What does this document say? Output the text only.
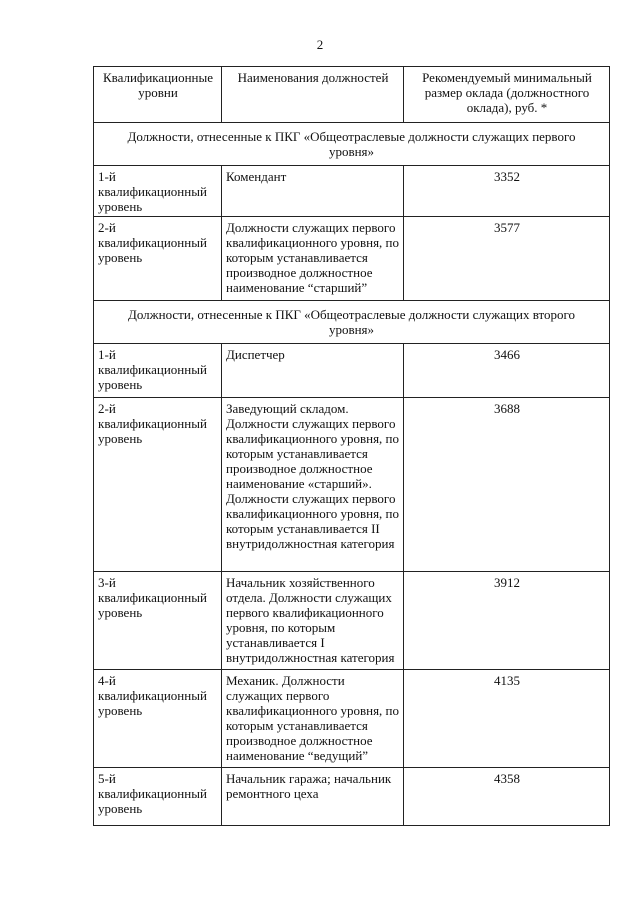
2
Квалификационные уровни	Наименования должностей	Рекомендуемый минимальный размер оклада (должностного оклада), руб. *
Должности, отнесенные к ПКГ «Общеотраслевые должности служащих первого уровня»		
1-й квалификационный уровень	Комендант	3352
2-й квалификационный уровень	Должности служащих первого квалификационного уровня, по которым устанавливается производное должностное наименование “старший”	3577
Должности, отнесенные к ПКГ «Общеотраслевые должности служащих второго уровня»		
1-й квалификационный уровень	Диспетчер	3466
2-й квалификационный уровень	Заведующий складом. Должности служащих первого квалификационного уровня, по которым устанавливается производное должностное наименование «старший». Должности служащих первого квалификационного уровня, по которым устанавливается II внутридолжностная категория	3688
3-й квалификационный уровень	Начальник хозяйственного отдела. Должности служащих первого квалификационного уровня, по которым устанавливается I внутридолжностная категория	3912
4-й квалификационный уровень	Механик. Должности служащих первого квалификационного уровня, по которым устанавливается производное должностное наименование “ведущий”	4135
5-й квалификационный уровень	Начальник гаража; начальник ремонтного цеха	4358
